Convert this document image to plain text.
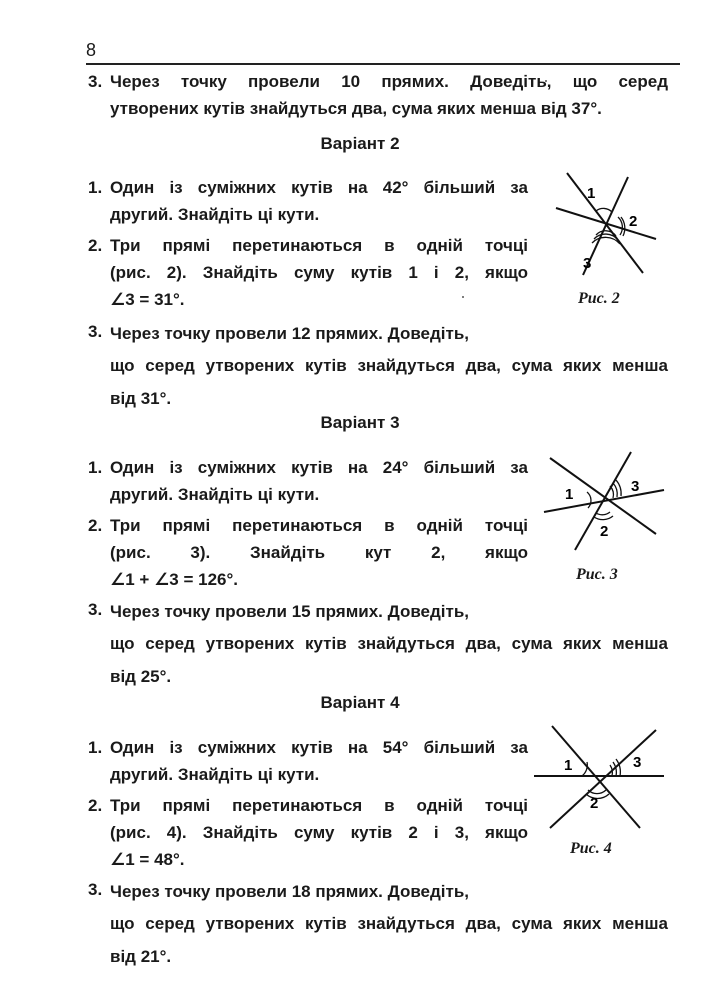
8
3. Через точку провели 10 прямих. Доведіть, що серед
утворених кутів знайдуться два, сума яких менша від 37°.
Варіант 2
1. Один із суміжних кутів на 42° більший за
другий. Знайдіть ці кути.
2. Три прямі перетинаються в одній точці
(рис. 2). Знайдіть суму кутів 1 і 2, якщо
∠3 = 31°.
3. Через точку провели 12 прямих. Доведіть,
що серед утворених кутів знайдуться два, сума яких менша
від 31°.
1
2
3
Рис. 2
Варіант 3
1. Один із суміжних кутів на 24° більший за
другий. Знайдіть ці кути.
2. Три прямі перетинаються в одній точці
(рис. 3). Знайдіть кут 2, якщо
∠1 + ∠3 = 126°.
3. Через точку провели 15 прямих. Доведіть,
що серед утворених кутів знайдуться два, сума яких менша
від 25°.
1
2
3
Рис. 3
Варіант 4
1. Один із суміжних кутів на 54° більший за
другий. Знайдіть ці кути.
2. Три прямі перетинаються в одній точці
(рис. 4). Знайдіть суму кутів 2 і 3, якщо
∠1 = 48°.
3. Через точку провели 18 прямих. Доведіть,
що серед утворених кутів знайдуться два, сума яких менша
від 21°.
1
2
3
Рис. 4
